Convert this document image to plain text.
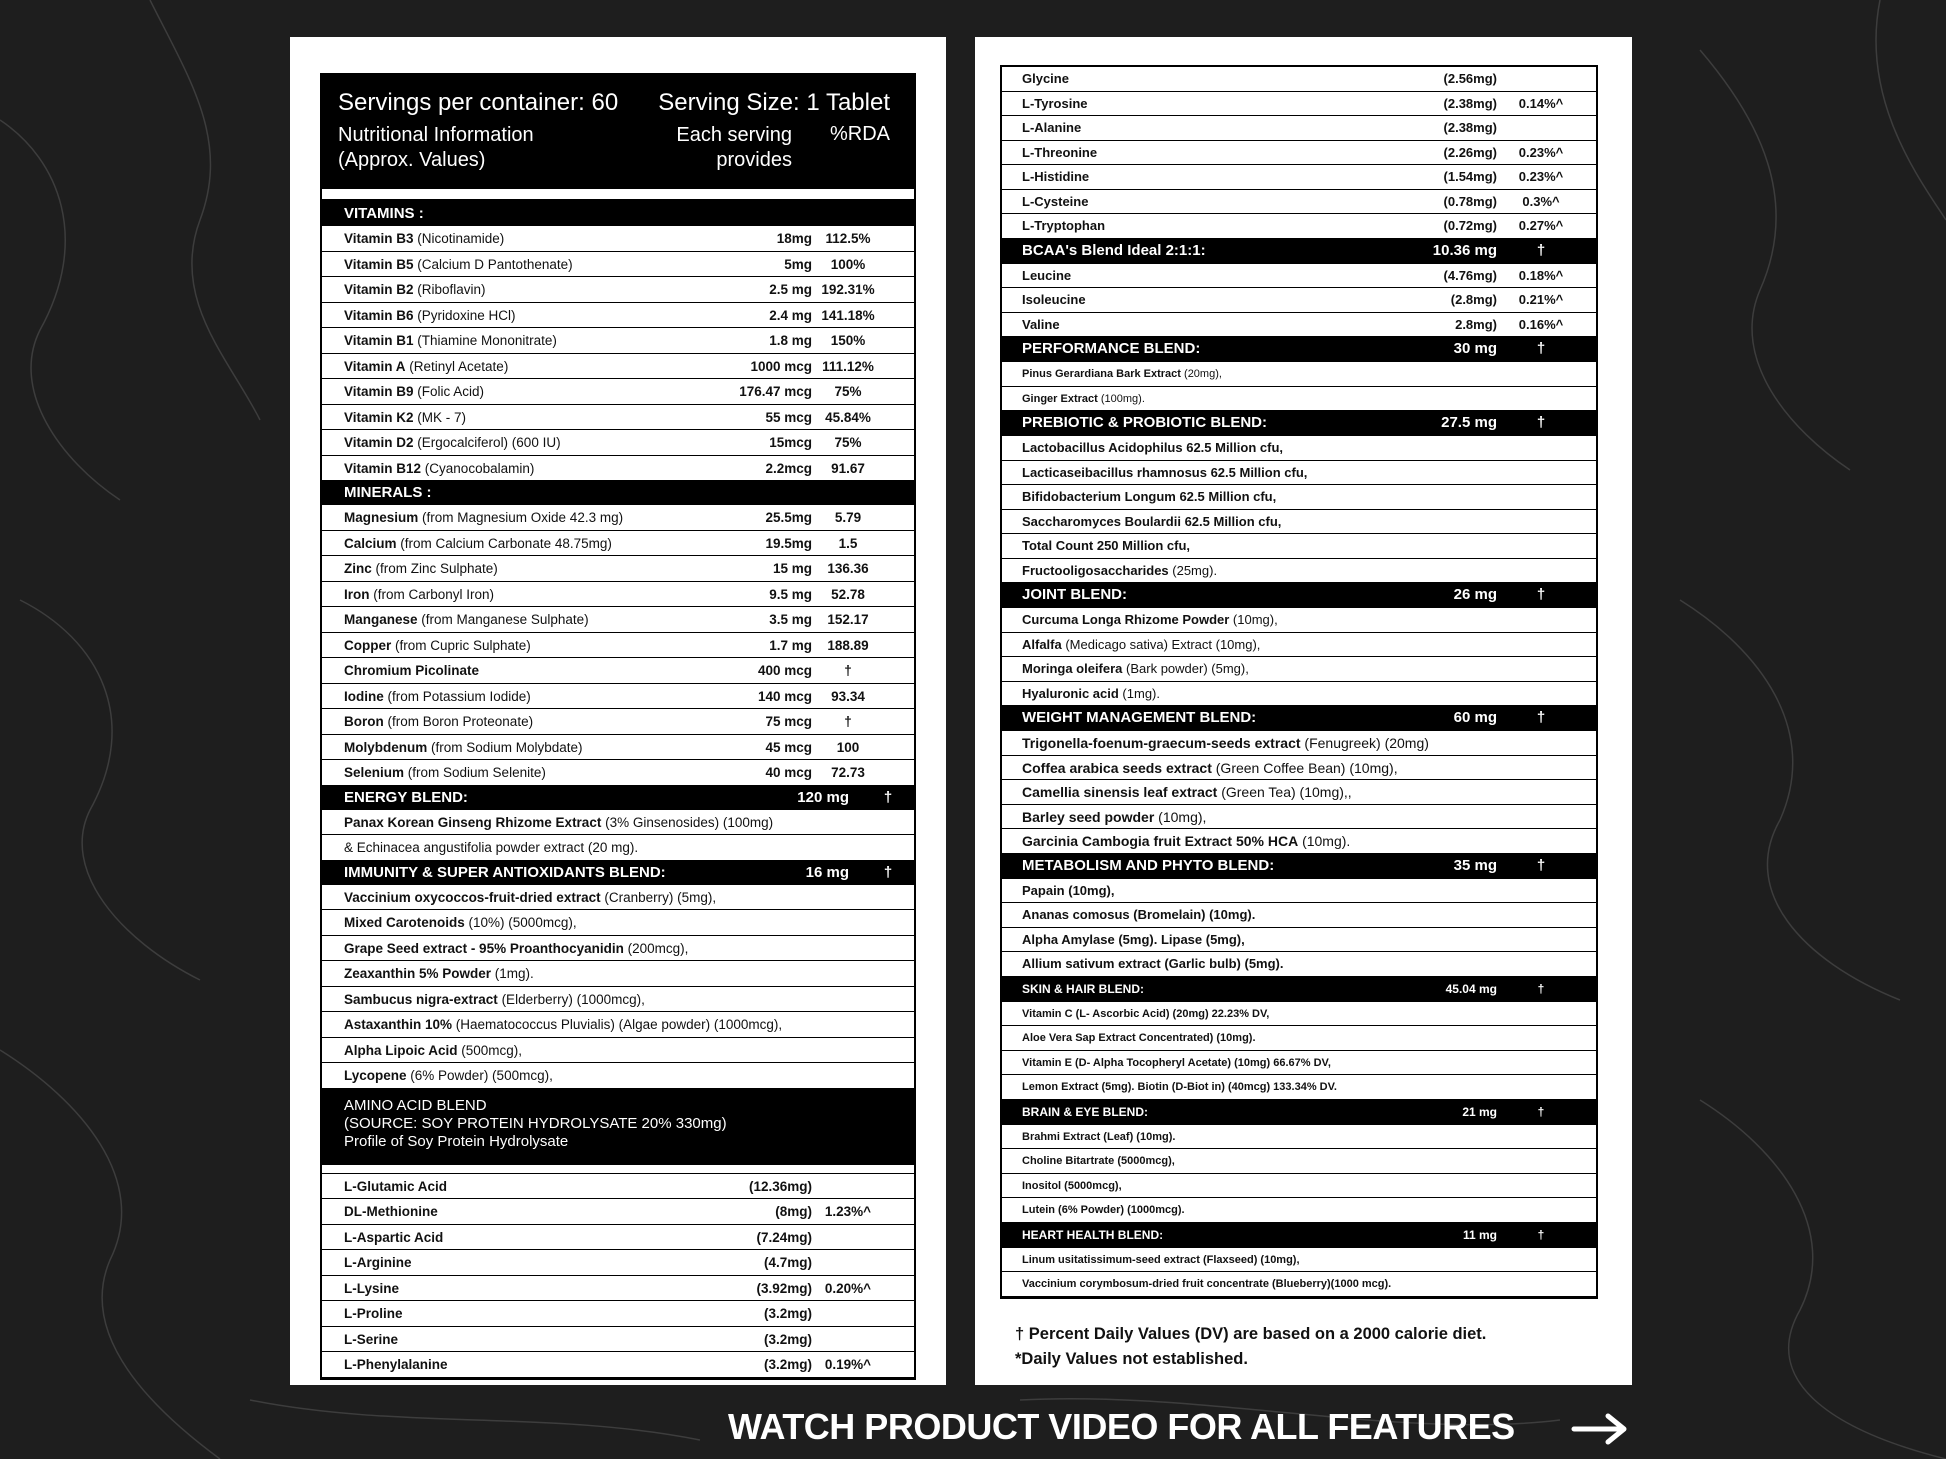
Servings per container: 60 Serving Size: 1 Tablet
Nutritional Information
(Approx. Values)
Each serving
provides
%RDA
VITAMINS :
Vitamin B3 (Nicotinamide)	18mg 112.5%
Vitamin B5 (Calcium D Pantothenate)	5mg	100%
Vitamin B2 (Riboflavin)	2.5 mg 192.31%
Vitamin B6 (Pyridoxine HCl)	2.4 mg 141.18%
Vitamin B1 (Thiamine Mononitrate)	1.8 mg	150%
Vitamin A (Retinyl Acetate)	1000 mcg 111.12%
Vitamin B9 (Folic Acid)	176.47 mcg	75%
Vitamin K2 (MK - 7)	55 mcg 45.84%
Vitamin D2 (Ergocalciferol) (600 IU)	15mcg	75%
Vitamin B12 (Cyanocobalamin)	2.2mcg	91.67
MINERALS :
Magnesium (from Magnesium Oxide 42.3 mg)	25.5mg	5.79
Calcium (from Calcium Carbonate 48.75mg)	19.5mg	1.5
Zinc (from Zinc Sulphate)	15 mg	136.36
Iron (from Carbonyl Iron)	9.5 mg	52.78
Manganese (from Manganese Sulphate)	3.5 mg	152.17
Copper (from Cupric Sulphate)	1.7 mg	188.89
Chromium Picolinate	400 mcg	†
Iodine (from Potassium Iodide)	140 mcg	93.34
Boron (from Boron Proteonate)	75 mcg	†
Molybdenum (from Sodium Molybdate)	45 mcg	100
Selenium (from Sodium Selenite)	40 mcg	72.73
ENERGY BLEND:	120 mg	†
Panax Korean Ginseng Rhizome Extract (3% Ginsenosides) (100mg)
& Echinacea angustifolia powder extract (20 mg).
IMMUNITY & SUPER ANTIOXIDANTS BLEND:	16 mg	†
Vaccinium oxycoccos-fruit-dried extract (Cranberry) (5mg),
Mixed Carotenoids (10%) (5000mcg),
Grape Seed extract - 95% Proanthocyanidin (200mcg),
Zeaxanthin 5% Powder (1mg).
Sambucus nigra-extract (Elderberry) (1000mcg),
Astaxanthin 10% (Haematococcus Pluvialis) (Algae powder) (1000mcg),
Alpha Lipoic Acid (500mcg),
Lycopene (6% Powder) (500mcg),
AMINO ACID BLEND
(SOURCE: SOY PROTEIN HYDROLYSATE 20% 330mg)
Profile of Soy Protein Hydrolysate
L-Glutamic Acid	(12.36mg)
DL-Methionine	(8mg) 1.23%^
L-Aspartic Acid	(7.24mg)
L-Arginine	(4.7mg)
L-Lysine	(3.92mg) 0.20%^
L-Proline	(3.2mg)
L-Serine	(3.2mg)
L-Phenylalanine	(3.2mg) 0.19%^
Glycine	(2.56mg)
L-Tyrosine	(2.38mg)	0.14%^
L-Alanine	(2.38mg)
L-Threonine	(2.26mg)	0.23%^
L-Histidine	(1.54mg)	0.23%^
L-Cysteine	(0.78mg)	0.3%^
L-Tryptophan	(0.72mg)	0.27%^
BCAA's Blend Ideal 2:1:1:	10.36 mg	†
Leucine	(4.76mg)	0.18%^
Isoleucine	(2.8mg)	0.21%^
Valine	2.8mg)	0.16%^
PERFORMANCE BLEND:	30 mg	†
Pinus Gerardiana Bark Extract (20mg),
Ginger Extract (100mg).
PREBIOTIC & PROBIOTIC BLEND:	27.5 mg	†
Lactobacillus Acidophilus 62.5 Million cfu,
Lacticaseibacillus rhamnosus 62.5 Million cfu,
Bifidobacterium Longum 62.5 Million cfu,
Saccharomyces Boulardii 62.5 Million cfu,
Total Count 250 Million cfu,
Fructooligosaccharides (25mg).
JOINT BLEND:	26 mg	†
Curcuma Longa Rhizome Powder (10mg),
Alfalfa (Medicago sativa) Extract (10mg),
Moringa oleifera (Bark powder) (5mg),
Hyaluronic acid (1mg).
WEIGHT MANAGEMENT BLEND:	60 mg	†
Trigonella-foenum-graecum-seeds extract (Fenugreek) (20mg)
Coffea arabica seeds extract (Green Coffee Bean) (10mg),
Camellia sinensis leaf extract (Green Tea) (10mg),,
Barley seed powder (10mg),
Garcinia Cambogia fruit Extract 50% HCA (10mg).
METABOLISM AND PHYTO BLEND:	35 mg	†
Papain (10mg),
Ananas comosus (Bromelain) (10mg).
Alpha Amylase (5mg). Lipase (5mg),
Allium sativum extract (Garlic bulb) (5mg).
SKIN & HAIR BLEND:	45.04 mg	†
Vitamin C (L- Ascorbic Acid) (20mg) 22.23% DV,
Aloe Vera Sap Extract Concentrated) (10mg).
Vitamin E (D- Alpha Tocopheryl Acetate) (10mg) 66.67% DV,
Lemon Extract (5mg). Biotin (D-Biot in) (40mcg) 133.34% DV.
BRAIN & EYE BLEND:	21 mg	†
Brahmi Extract (Leaf) (10mg).
Choline Bitartrate (5000mcg),
Inositol (5000mcg),
Lutein (6% Powder) (1000mcg).
HEART HEALTH BLEND:	11 mg	†
Linum usitatissimum-seed extract (Flaxseed) (10mg),
Vaccinium corymbosum-dried fruit concentrate (Blueberry)(1000 mcg).
† Percent Daily Values (DV) are based on a 2000 calorie diet.
*Daily Values not established.
WATCH PRODUCT VIDEO FOR ALL FEATURES
